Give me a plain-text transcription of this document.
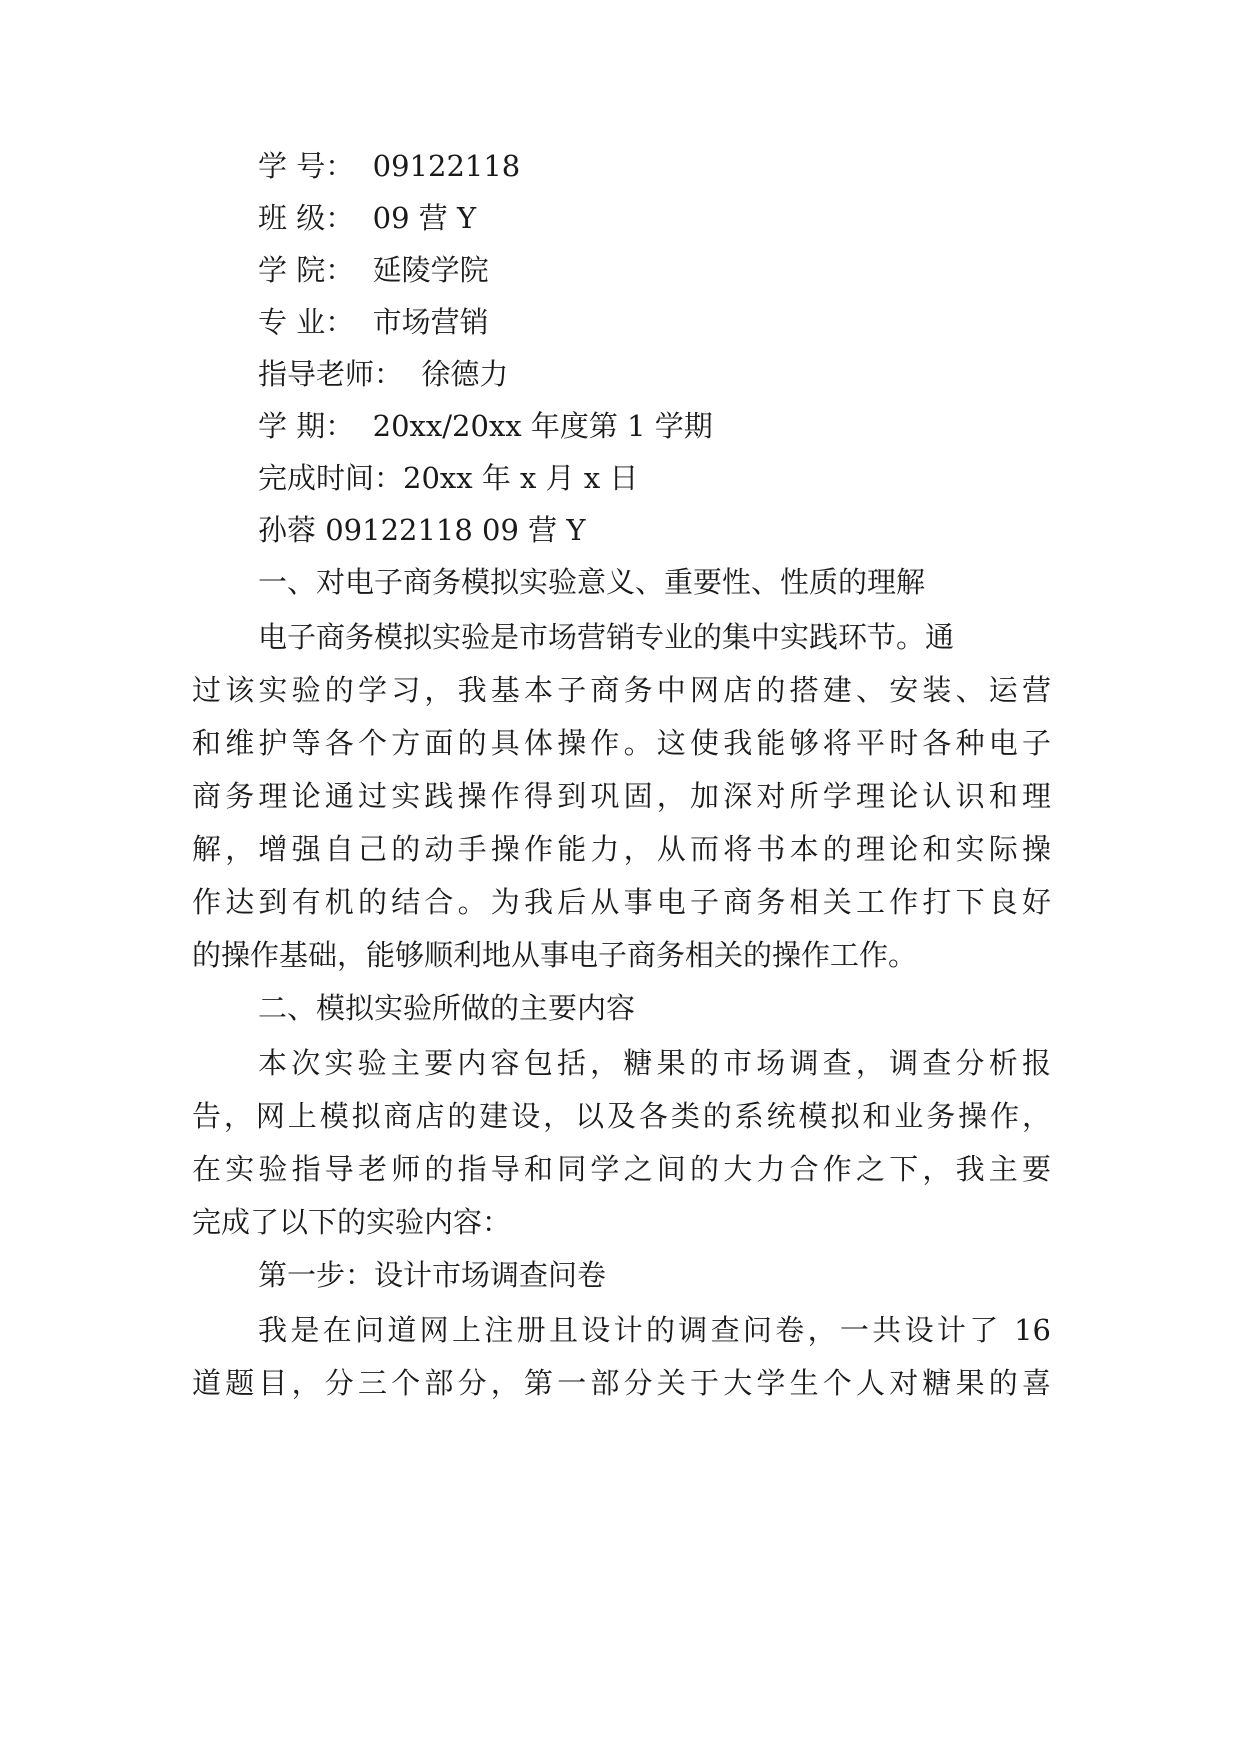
学 号：  09122118
班 级：  09 营 Y
学 院：  延陵学院
专 业：  市场营销
指导老师：  徐德力
学 期：  20xx/20xx 年度第 1 学期
完成时间：20xx 年 x 月 x 日
孙蓉 09122118 09 营 Y
一、对电子商务模拟实验意义、重要性、性质的理解
电子商务模拟实验是市场营销专业的集中实践环节。通
过该实验的学习，我基本子商务中网店的搭建、安装、运营
和维护等各个方面的具体操作。这使我能够将平时各种电子
商务理论通过实践操作得到巩固，加深对所学理论认识和理
解，增强自己的动手操作能力，从而将书本的理论和实际操
作达到有机的结合。为我后从事电子商务相关工作打下良好
的操作基础，能够顺利地从事电子商务相关的操作工作。
二、模拟实验所做的主要内容
本次实验主要内容包括，糖果的市场调查，调查分析报
告，网上模拟商店的建设，以及各类的系统模拟和业务操作，
在实验指导老师的指导和同学之间的大力合作之下，我主要
完成了以下的实验内容：
第一步：设计市场调查问卷
我是在问道网上注册且设计的调查问卷，一共设计了 16
道题目，分三个部分，第一部分关于大学生个人对糖果的喜
